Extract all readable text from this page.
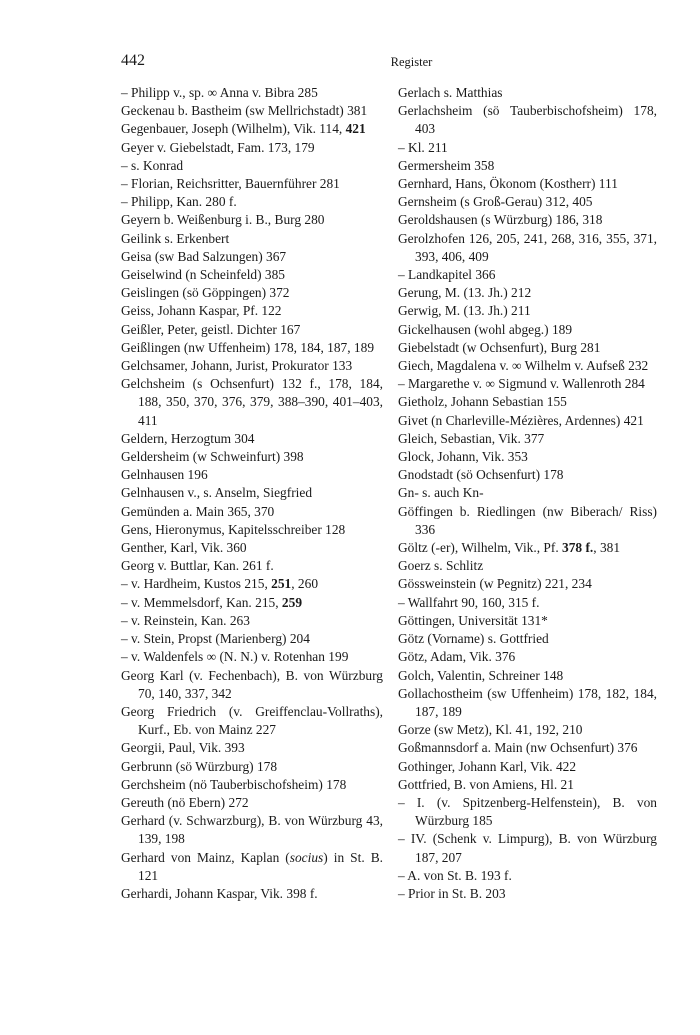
442	Register
– Philipp v., sp. ∞ Anna v. Bibra 285
Geckenau b. Bastheim (sw Mellrichstadt) 381
Gegenbauer, Joseph (Wilhelm), Vik. 114, 421
Geyer v. Giebelstadt, Fam. 173, 179
– s. Konrad
– Florian, Reichsritter, Bauernführer 281
– Philipp, Kan. 280 f.
Geyern b. Weißenburg i. B., Burg 280
Geilink s. Erkenbert
Geisa (sw Bad Salzungen) 367
Geiselwind (n Scheinfeld) 385
Geislingen (sö Göppingen) 372
Geiss, Johann Kaspar, Pf. 122
Geißler, Peter, geistl. Dichter 167
Geißlingen (nw Uffenheim) 178, 184, 187, 189
Gelchsamer, Johann, Jurist, Prokurator 133
Gelchsheim (s Ochsenfurt) 132 f., 178, 184, 188, 350, 370, 376, 379, 388–390, 401–403, 411
Geldern, Herzogtum 304
Geldersheim (w Schweinfurt) 398
Gelnhausen 196
Gelnhausen v., s. Anselm, Siegfried
Gemünden a. Main 365, 370
Gens, Hieronymus, Kapitelsschreiber 128
Genther, Karl, Vik. 360
Georg v. Buttlar, Kan. 261 f.
– v. Hardheim, Kustos 215, 251, 260
– v. Memmelsdorf, Kan. 215, 259
– v. Reinstein, Kan. 263
– v. Stein, Propst (Marienberg) 204
– v. Waldenfels ∞ (N. N.) v. Rotenhan 199
Georg Karl (v. Fechenbach), B. von Würzburg 70, 140, 337, 342
Georg Friedrich (v. Greiffenclau-Vollraths), Kurf., Eb. von Mainz 227
Georgii, Paul, Vik. 393
Gerbrunn (sö Würzburg) 178
Gerchsheim (nö Tauberbischofsheim) 178
Gereuth (nö Ebern) 272
Gerhard (v. Schwarzburg), B. von Würzburg 43, 139, 198
Gerhard von Mainz, Kaplan (socius) in St. B. 121
Gerhardi, Johann Kaspar, Vik. 398 f.
Gerlach s. Matthias
Gerlachsheim (sö Tauberbischofsheim) 178, 403
– Kl. 211
Germersheim 358
Gernhard, Hans, Ökonom (Kostherr) 111
Gernsheim (s Groß-Gerau) 312, 405
Geroldshausen (s Würzburg) 186, 318
Gerolzhofen 126, 205, 241, 268, 316, 355, 371, 393, 406, 409
– Landkapitel 366
Gerung, M. (13. Jh.) 212
Gerwig, M. (13. Jh.) 211
Gickelhausen (wohl abgeg.) 189
Giebelstadt (w Ochsenfurt), Burg 281
Giech, Magdalena v. ∞ Wilhelm v. Aufseß 232
– Margarethe v. ∞ Sigmund v. Wallenroth 284
Gietholz, Johann Sebastian 155
Givet (n Charleville-Mézières, Ardennes) 421
Gleich, Sebastian, Vik. 377
Glock, Johann, Vik. 353
Gnodstadt (sö Ochsenfurt) 178
Gn- s. auch Kn-
Göffingen b. Riedlingen (nw Biberach/ Riss) 336
Göltz (-er), Wilhelm, Vik., Pf. 378 f., 381
Goerz s. Schlitz
Gössweinstein (w Pegnitz) 221, 234
– Wallfahrt 90, 160, 315 f.
Göttingen, Universität 131*
Götz (Vorname) s. Gottfried
Götz, Adam, Vik. 376
Golch, Valentin, Schreiner 148
Gollachostheim (sw Uffenheim) 178, 182, 184, 187, 189
Gorze (sw Metz), Kl. 41, 192, 210
Goßmannsdorf a. Main (nw Ochsenfurt) 376
Gothinger, Johann Karl, Vik. 422
Gottfried, B. von Amiens, Hl. 21
– I. (v. Spitzenberg-Helfenstein), B. von Würzburg 185
– IV. (Schenk v. Limpurg), B. von Würzburg 187, 207
– A. von St. B. 193 f.
– Prior in St. B. 203
